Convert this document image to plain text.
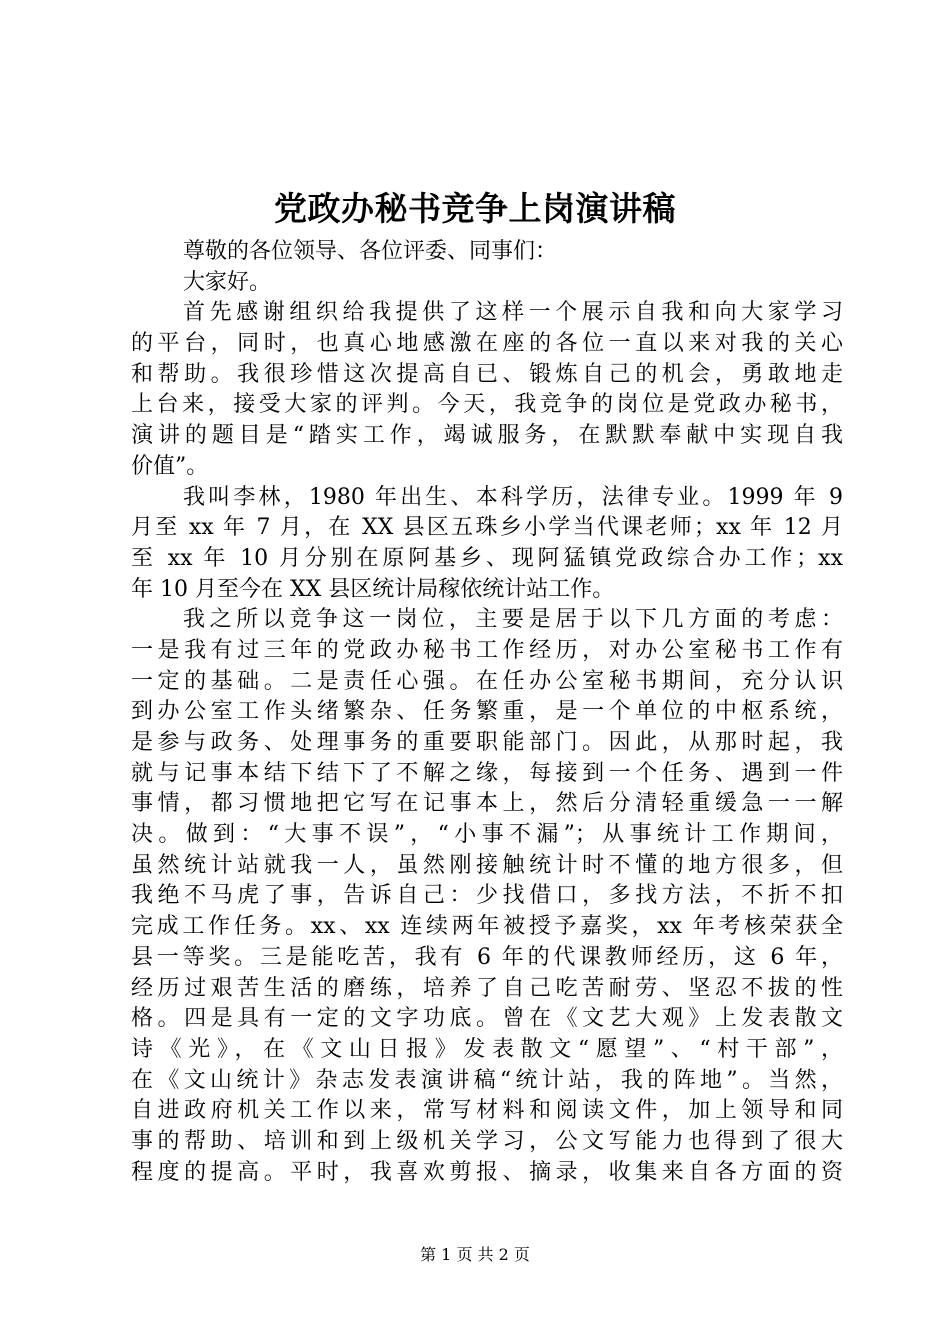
党政办秘书竞争上岗演讲稿
尊敬的各位领导、各位评委、同事们：
大家好。
首先感谢组织给我提供了这样一个展示自我和向大家学习
的平台，同时，也真心地感激在座的各位一直以来对我的关心
和帮助。我很珍惜这次提高自已、锻炼自己的机会，勇敢地走
上台来，接受大家的评判。今天，我竞争的岗位是党政办秘书，
演讲的题目是“踏实工作，竭诚服务，在默默奉献中实现自我
价值”。
我叫李林，1980 年出生、本科学历，法律专业。1999 年 9
月至 xx 年 7 月，在 XX 县区五珠乡小学当代课老师；xx 年 12 月
至 xx 年 10 月分别在原阿基乡、现阿猛镇党政综合办工作；xx
年 10 月至今在 XX 县区统计局稼依统计站工作。
我之所以竞争这一岗位，主要是居于以下几方面的考虑：
一是我有过三年的党政办秘书工作经历，对办公室秘书工作有
一定的基础。二是责任心强。在任办公室秘书期间，充分认识
到办公室工作头绪繁杂、任务繁重，是一个单位的中枢系统，
是参与政务、处理事务的重要职能部门。因此，从那时起，我
就与记事本结下结下了不解之缘，每接到一个任务、遇到一件
事情，都习惯地把它写在记事本上，然后分清轻重缓急一一解
决。做到：“大事不误”，“小事不漏”；从事统计工作期间，
虽然统计站就我一人，虽然刚接触统计时不懂的地方很多，但
我绝不马虎了事，告诉自己：少找借口，多找方法，不折不扣
完成工作任务。xx、xx 连续两年被授予嘉奖，xx 年考核荣获全
县一等奖。三是能吃苦，我有 6 年的代课教师经历，这 6 年，
经历过艰苦生活的磨练，培养了自己吃苦耐劳、坚忍不拔的性
格。四是具有一定的文字功底。曾在《文艺大观》上发表散文
诗《光》，在《文山日报》发表散文“愿望”、“村干部”，
在《文山统计》杂志发表演讲稿“统计站，我的阵地”。当然，
自进政府机关工作以来，常写材料和阅读文件，加上领导和同
事的帮助、培训和到上级机关学习，公文写能力也得到了很大
程度的提高。平时，我喜欢剪报、摘录，收集来自各方面的资
第 1 页 共 2 页
